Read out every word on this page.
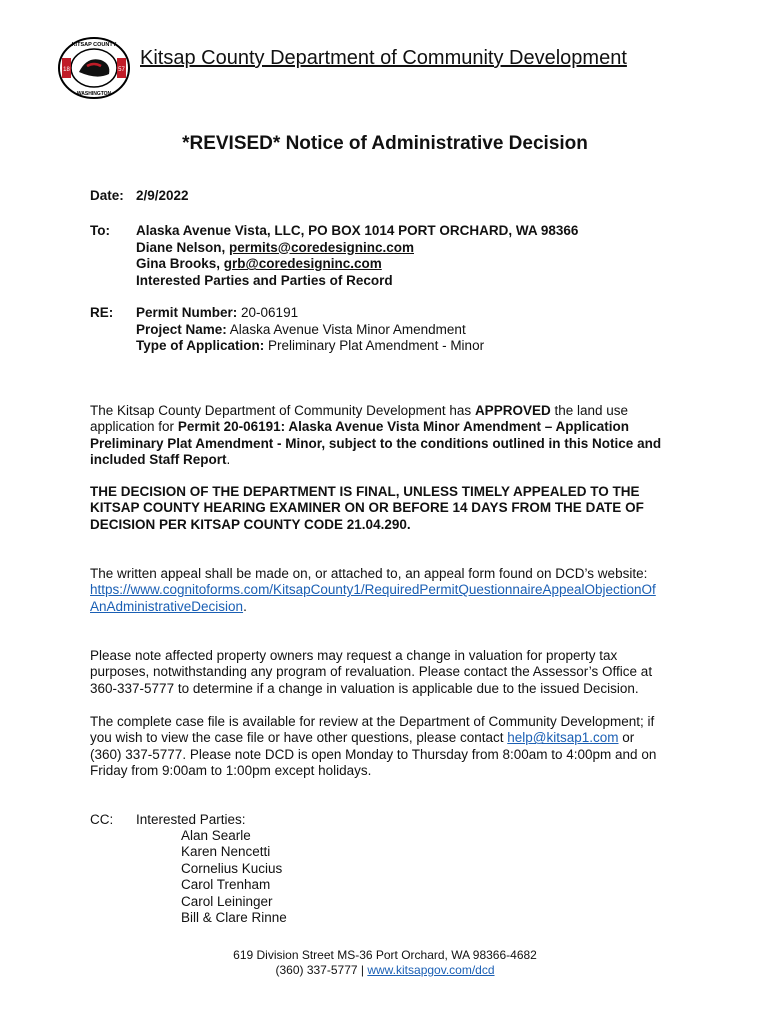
18	57
KITSAP COUNTY
WASHINGTON
Kitsap County Department of Community Development
*REVISED* Notice of Administrative Decision
Date: 2/9/2022
To: Alaska Avenue Vista, LLC, PO BOX 1014 PORT ORCHARD, WA 98366
Diane Nelson, permits@coredesigninc.com
Gina Brooks, grb@coredesigninc.com
Interested Parties and Parties of Record
RE: Permit Number: 20-06191
Project Name: Alaska Avenue Vista Minor Amendment
Type of Application: Preliminary Plat Amendment - Minor
The Kitsap County Department of Community Development has APPROVED the land use
application for Permit 20-06191: Alaska Avenue Vista Minor Amendment – Application
Preliminary Plat Amendment - Minor, subject to the conditions outlined in this Notice and
included Staff Report.
THE DECISION OF THE DEPARTMENT IS FINAL, UNLESS TIMELY APPEALED TO THE
KITSAP COUNTY HEARING EXAMINER ON OR BEFORE 14 DAYS FROM THE DATE OF
DECISION PER KITSAP COUNTY CODE 21.04.290.
The written appeal shall be made on, or attached to, an appeal form found on DCD’s website:
https://www.cognitoforms.com/KitsapCounty1/RequiredPermitQuestionnaireAppealObjectionOf
AnAdministrativeDecision.
Please note affected property owners may request a change in valuation for property tax
purposes, notwithstanding any program of revaluation. Please contact the Assessor’s Office at
360-337-5777 to determine if a change in valuation is applicable due to the issued Decision.
The complete case file is available for review at the Department of Community Development; if
you wish to view the case file or have other questions, please contact help@kitsap1.com or
(360) 337-5777. Please note DCD is open Monday to Thursday from 8:00am to 4:00pm and on
Friday from 9:00am to 1:00pm except holidays.
CC: Interested Parties:
Alan Searle
Karen Nencetti
Cornelius Kucius
Carol Trenham
Carol Leininger
Bill & Clare Rinne
619 Division Street MS-36 Port Orchard, WA 98366-4682
(360) 337-5777 | www.kitsapgov.com/dcd
